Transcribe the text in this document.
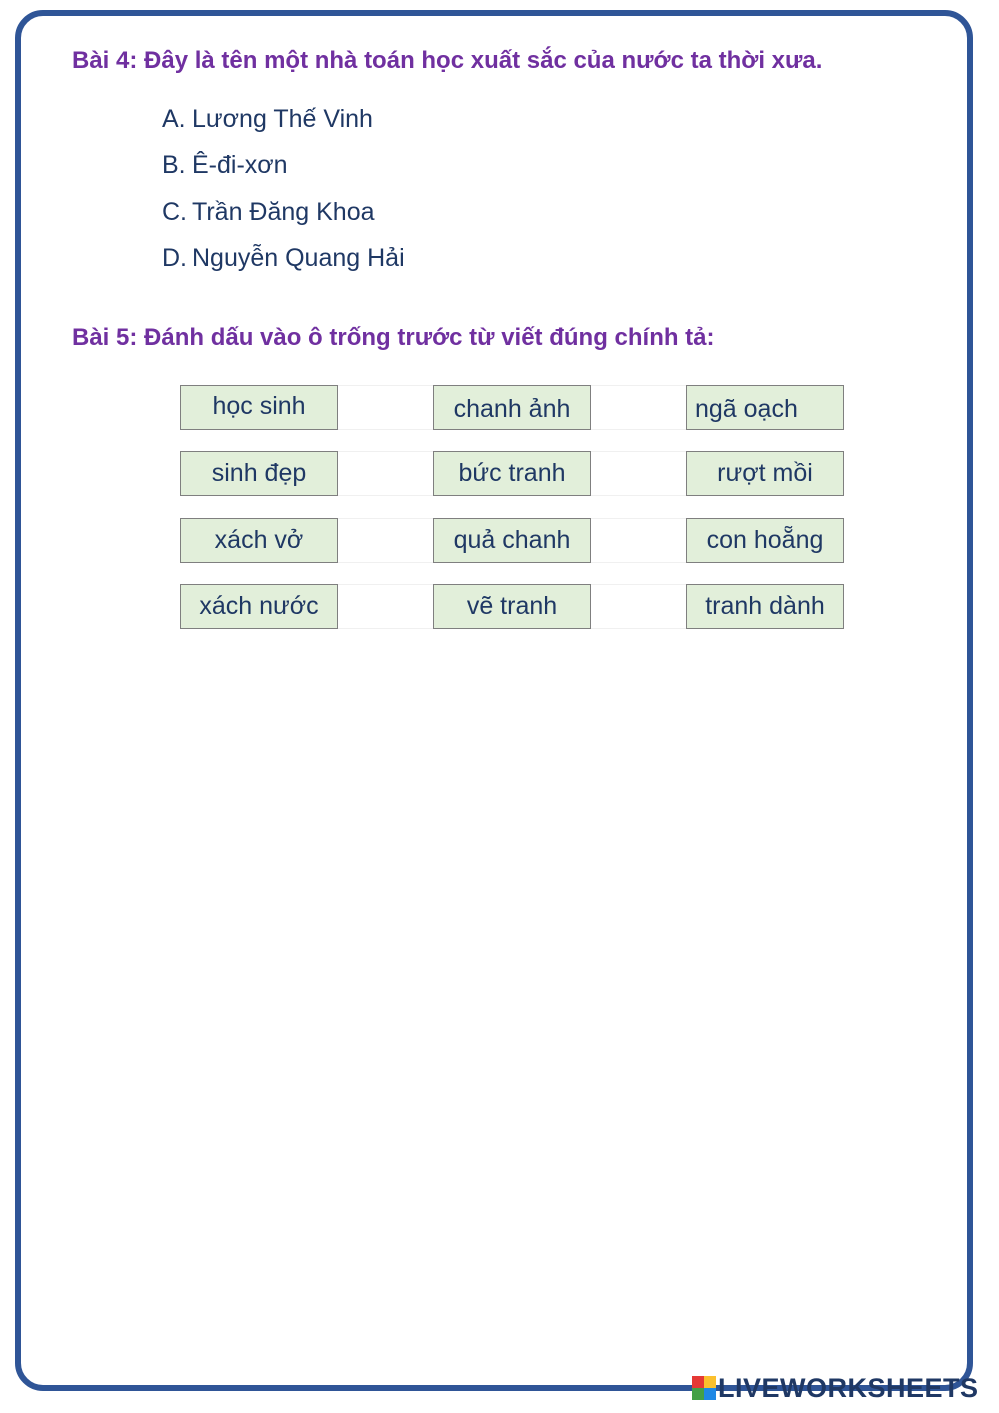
Bài 4: Đây là tên một nhà toán học xuất sắc của nước ta thời xưa.

A. Lương Thế Vinh
B. Ê-đi-xơn
C. Trần Đăng Khoa
D. Nguyễn Quang Hải

Bài 5: Đánh dấu vào ô trống trước từ viết đúng chính tả:

học sinh	chanh ảnh	ngã oạch
sinh đẹp	bức tranh	rượt mồi
xách vở	quả chanh	con hoẵng
xách nước	vẽ tranh	tranh dành
LIVEWORKSHEETS
